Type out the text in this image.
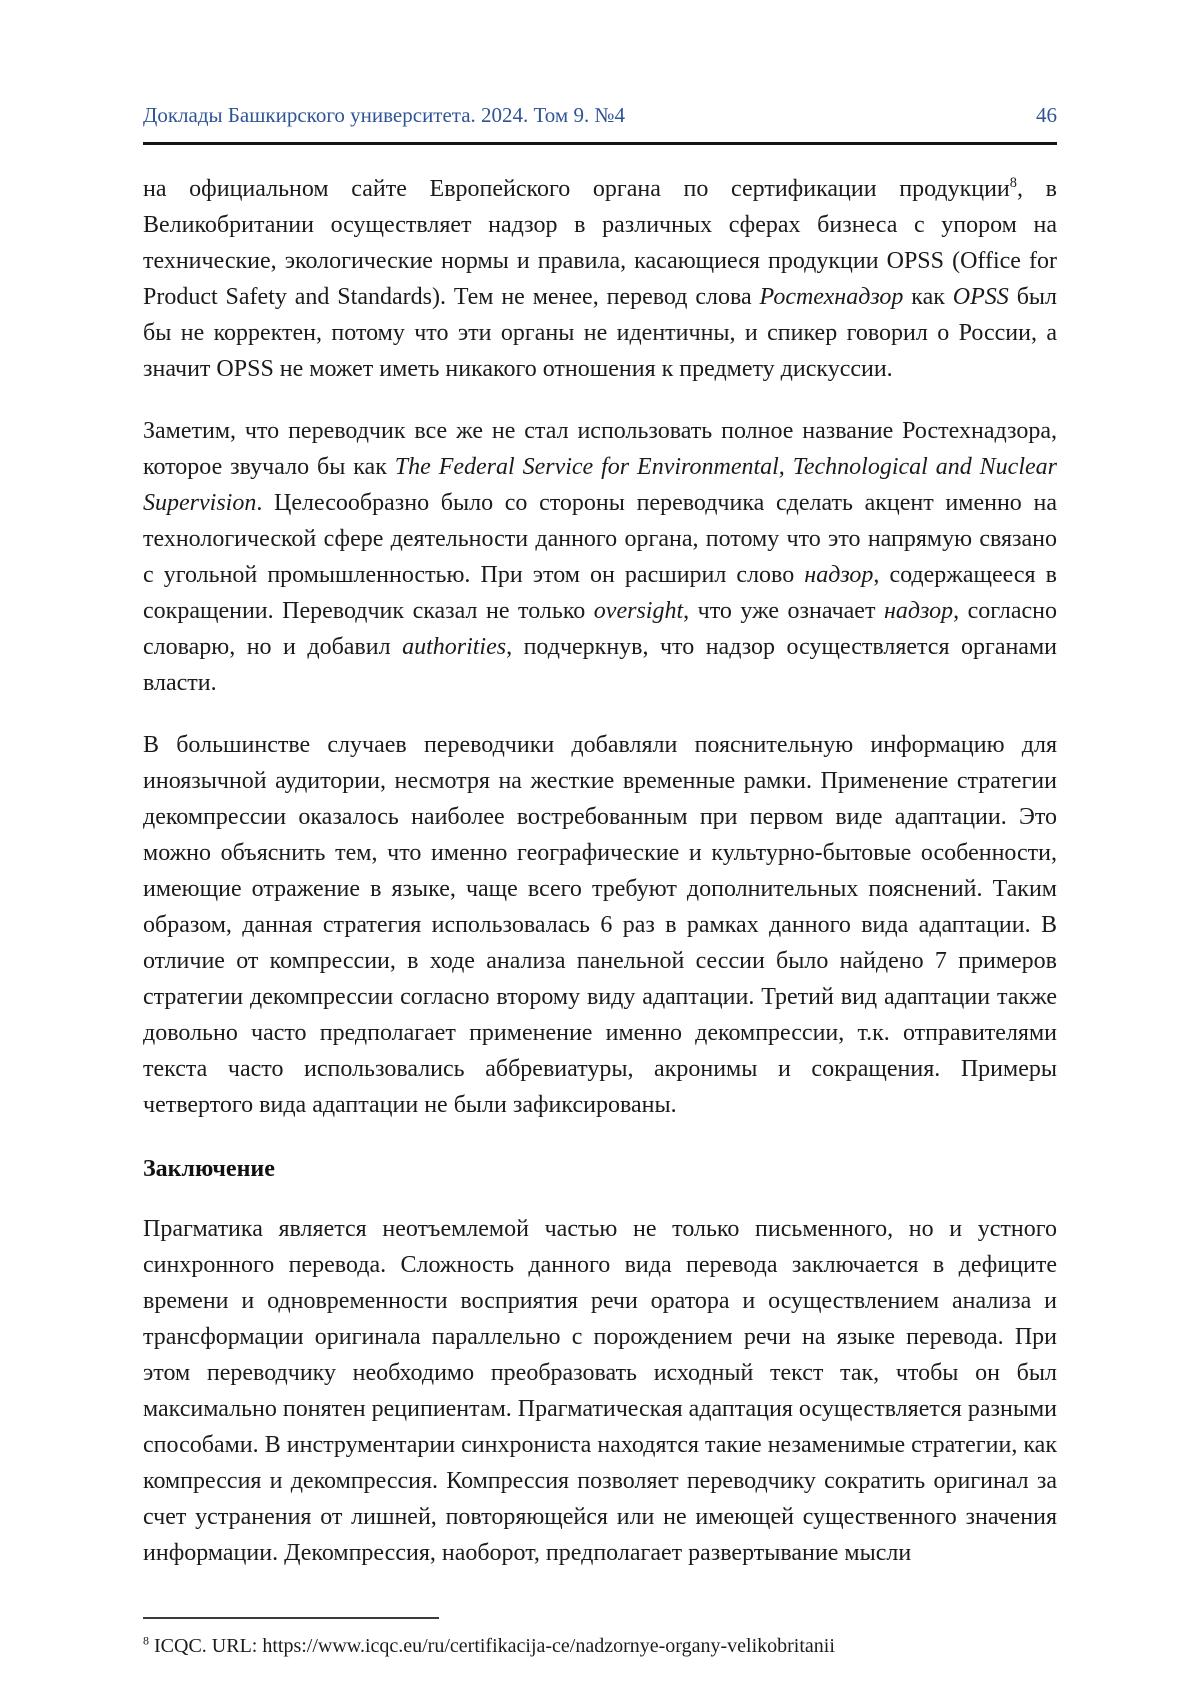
Доклады Башкирского университета. 2024. Том 9. №4	46

на официальном сайте Европейского органа по сертификации продукции$^8$, в Великобритании осуществляет надзор в различных сферах бизнеса с упором на технические, экологические нормы и правила, касающиеся продукции OPSS (Office for Product Safety and Standards). Тем не менее, перевод слова Ростехнадзор как OPSS был бы не корректен, потому что эти органы не идентичны, и спикер говорил о России, а значит OPSS не может иметь никакого отношения к предмету дискуссии.

Заметим, что переводчик все же не стал использовать полное название Ростехнадзора, которое звучало бы как The Federal Service for Environmental, Technological and Nuclear Supervision. Целесообразно было со стороны переводчика сделать акцент именно на технологической сфере деятельности данного органа, потому что это напрямую связано с угольной промышленностью. При этом он расширил слово надзор, содержащееся в сокращении. Переводчик сказал не только oversight, что уже означает надзор, согласно словарю, но и добавил authorities, подчеркнув, что надзор осуществляется органами власти.

В большинстве случаев переводчики добавляли пояснительную информацию для иноязычной аудитории, несмотря на жесткие временные рамки. Применение стратегии декомпрессии оказалось наиболее востребованным при первом виде адаптации. Это можно объяснить тем, что именно географические и культурно-бытовые особенности, имеющие отражение в языке, чаще всего требуют дополнительных пояснений. Таким образом, данная стратегия использовалась 6 раз в рамках данного вида адаптации. В отличие от компрессии, в ходе анализа панельной сессии было найдено 7 примеров стратегии декомпрессии согласно второму виду адаптации. Третий вид адаптации также довольно часто предполагает применение именно декомпрессии, т.к. отправителями текста часто использовались аббревиатуры, акронимы и сокращения. Примеры четвертого вида адаптации не были зафиксированы.

Заключение

Прагматика является неотъемлемой частью не только письменного, но и устного синхронного перевода. Сложность данного вида перевода заключается в дефиците времени и одновременности восприятия речи оратора и осуществлением анализа и трансформации оригинала параллельно с порождением речи на языке перевода. При этом переводчику необходимо преобразовать исходный текст так, чтобы он был максимально понятен реципиентам. Прагматическая адаптация осуществляется разными способами. В инструментарии синхрониста находятся такие незаменимые стратегии, как компрессия и декомпрессия. Компрессия позволяет переводчику сократить оригинал за счет устранения от лишней, повторяющейся или не имеющей существенного значения информации. Декомпрессия, наоборот, предполагает развертывание мысли

$^8$ ICQC. URL: https://www.icqc.eu/ru/certifikacija-ce/nadzornye-organy-velikobritanii
